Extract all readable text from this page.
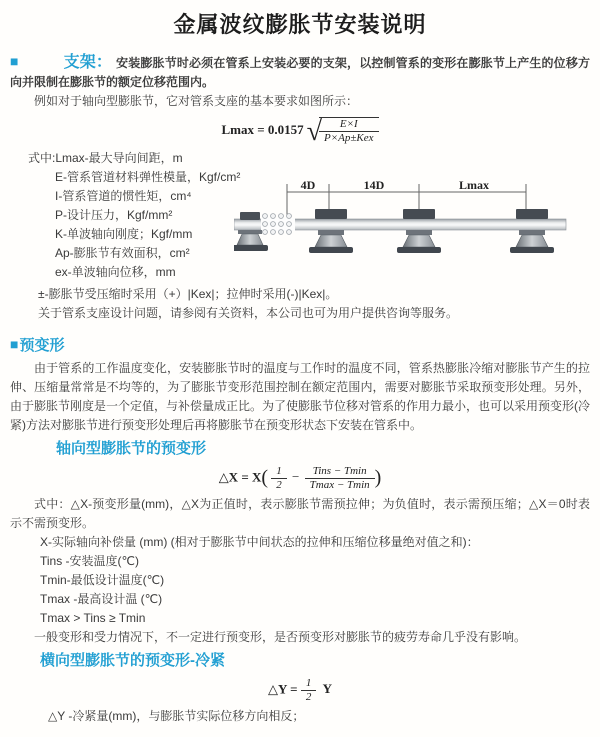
金属波纹膨胀节安装说明

■	支架： 安装膨胀节时必须在管系上安装必要的支架，以控制管系的变形在膨胀节上产生的位移方向并限制在膨胀节的额定位移范围内。

例如对于轴向型膨胀节，它对管系支座的基本要求如图所示：

Lmax = 0.0157 √
$\frac{E\times I}{\text{P×Ap±Kex}}$

式中:Lmax-最大导向间距，m

E-管系管道材料弹性模量，Kgf/cm²

I-管系管道的惯性矩，cm⁴

P-设计压力，Kgf/mm²

K-单波轴向刚度；Kgf/mm

Ap-膨胀节有效面积，cm²

ex-单波轴向位移，mm

4D	14D	Lmax

±-膨胀节受压缩时采用（+）|Kex|；拉伸时采用(-)|Kex|。

关于管系支座设计问题，请参阅有关资料，本公司也可为用户提供咨询等服务。

■预变形

由于管系的工作温度变化，安装膨胀节时的温度与工作时的温度不同，管系热膨胀冷缩对膨胀节产生的拉伸、压缩量常常是不均等的，为了膨胀节变形范围控制在额定范围内，需要对膨胀节采取预变形处理。另外，由于膨胀节刚度是一个定值，与补偿量成正比。为了使膨胀节位移对管系的作用力最小，也可以采用预变形(冷紧)方法对膨胀节进行预变形处理后再将膨胀节在预变形状态下安装在管系中。

轴向型膨胀节的预变形
△X = $X( \frac{1}{2} - \frac{\text{Tins − Tmin}}{Tmax - Tmin}$ )

式中：△X-预变形量(mm)，△X为正值时，表示膨胀节需预拉伸；为负值时，表示需预压缩；△X＝0时表示不需预变形。

X-实际轴向补偿量 (mm) (相对于膨胀节中间状态的拉伸和压缩位移量绝对值之和)：

Tins -安装温度(℃)

Tmin-最低设计温度(℃)

Tmax -最高设计温 (℃)

Tmax > Tins ≥ Tmin

一般变形和受力情况下，不一定进行预变形，是否预变形对膨胀节的疲劳寿命几乎没有影响。

横向型膨胀节的预变形-冷紧
△Y = $\frac{1}{2}$ Y

△Y -冷紧量(mm)，与膨胀节实际位移方向相反；
